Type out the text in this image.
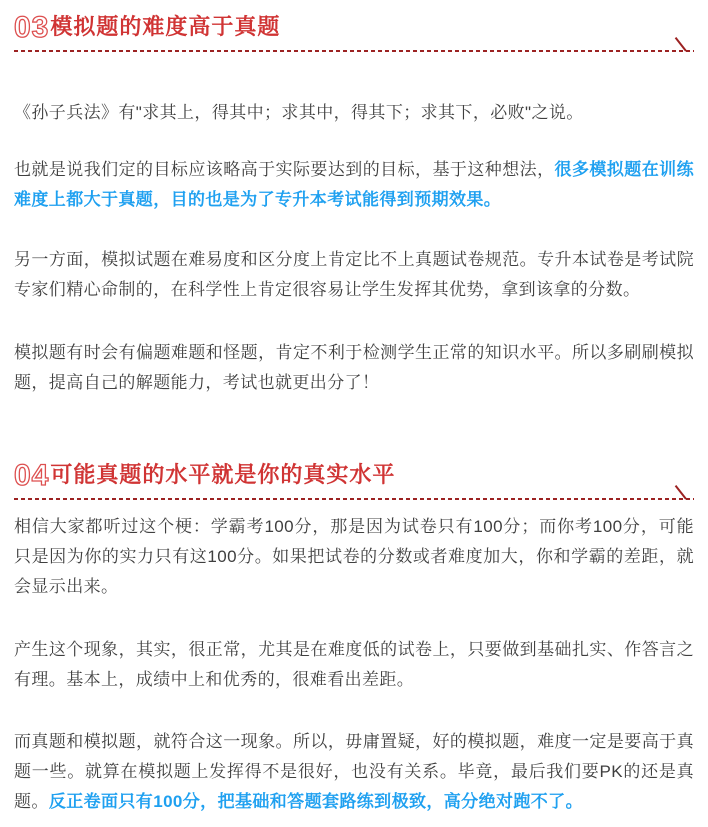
03模拟题的难度高于真题

《孙子兵法》有"求其上，得其中；求其中，得其下；求其下，必败"之说。

也就是说我们定的目标应该略高于实际要达到的目标，基于这种想法，很多模拟题在训练难度上都大于真题，目的也是为了专升本考试能得到预期效果。

另一方面，模拟试题在难易度和区分度上肯定比不上真题试卷规范。专升本试卷是考试院专家们精心命制的，在科学性上肯定很容易让学生发挥其优势，拿到该拿的分数。

模拟题有时会有偏题难题和怪题，肯定不利于检测学生正常的知识水平。所以多刷刷模拟题，提高自己的解题能力，考试也就更出分了！

04可能真题的水平就是你的真实水平

相信大家都听过这个梗：学霸考100分，那是因为试卷只有100分；而你考100分，可能只是因为你的实力只有这100分。如果把试卷的分数或者难度加大，你和学霸的差距，就会显示出来。

产生这个现象，其实，很正常，尤其是在难度低的试卷上，只要做到基础扎实、作答言之有理。基本上，成绩中上和优秀的，很难看出差距。

而真题和模拟题，就符合这一现象。所以，毋庸置疑，好的模拟题，难度一定是要高于真题一些。就算在模拟题上发挥得不是很好，也没有关系。毕竟，最后我们要PK的还是真题。反正卷面只有100分，把基础和答题套路练到极致，高分绝对跑不了。
